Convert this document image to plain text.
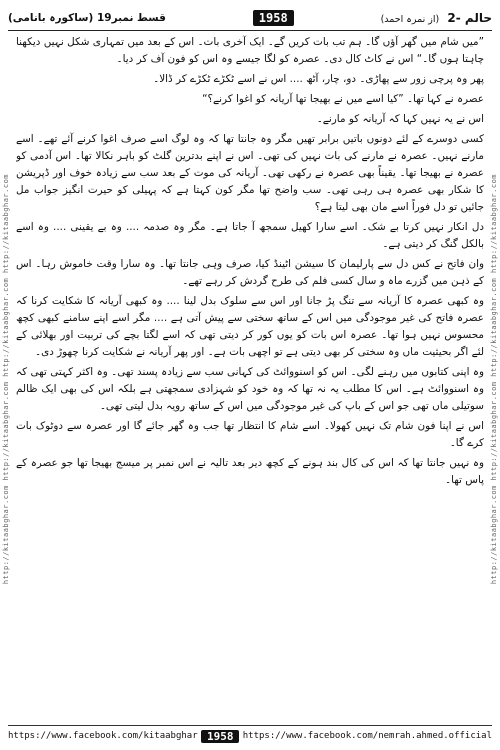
قسط نمبر19 (ساکورہ بانامی)	1958	حالم -2 (از نمرہ احمد)
http://kitaabghar.com http://kitaabghar.com http://kitaabghar.com http://kitaabghar.com	http://kitaabghar.com http://kitaabghar.com http://kitaabghar.com http://kitaabghar.com

”میں شام میں گھر آؤں گا۔ ہم تب بات کریں گے۔ ایک آخری بات۔ اس کے بعد میں تمہاری شکل نہیں دیکھنا چاہتا ہوں گا۔“ اس نے کاٹ کال دی۔ عصرہ کو لگا جیسے وہ اس کو فون آف کر دیا۔

پھر وہ پرچی زور سے پھاڑی۔ دو، چار، آٹھ .... اس نے اسے ٹکڑے ٹکڑے کر ڈالا۔

عصرہ نے کہا تھا۔ ”کیا اسے میں نے بھیجا تھا آریانہ کو اغوا کرنے؟“

اس نے یہ نہیں کہا کہ آریانہ کو مارنے۔

کسی دوسرے کے لئے دونوں باتیں برابر تھیں مگر وہ جانتا تھا کہ وہ لوگ اسے صرف اغوا کرنے آئے تھے۔ اسے مارنے نہیں۔ عصرہ نے مارنے کی بات نہیں کی تھی۔ اس نے اپنے بدترین گلٹ کو باہر نکالا تھا۔ اس آدمی کو عصرہ نے بھیجا تھا۔ یقیناً بھی عصرہ نے رکھی تھی۔ آریانہ کی موت کے بعد سب سے زیادہ خوف اور ڈپریشن کا شکار بھی عصرہ ہی رہی تھی۔ سب واضح تھا مگر کون کہتا ہے کہ پہیلی کو حیرت انگیز جواب مل جائیں تو دل فوراً اسے مان بھی لیتا ہے؟

دل انکار نہیں کرتا بے شک۔ اسے سارا کھیل سمجھ آ جاتا ہے۔ مگر وہ صدمہ .... وہ بے یقینی .... وہ اسے بالکل گنگ کر دیتی ہے۔

وان فاتح نے کس دل سے پارلیمان کا سیشن اٹینڈ کیا، صرف وہی جانتا تھا۔ وہ سارا وقت خاموش رہا۔ اس کے ذہن میں گزرے ماہ و سال کسی فلم کی طرح گردش کر رہے تھے۔

وہ کبھی عصرہ کا آریانہ سے تنگ پڑ جانا اور اس سے سلوک بدل لینا .... وہ کبھی آریانہ کا شکایت کرنا کہ عصرہ فاتح کی غیر موجودگی میں اس کے ساتھ سختی سے پیش آتی ہے .... مگر اسے اپنے سامنے کبھی کچھ محسوس نہیں ہوا تھا۔ عصرہ اس بات کو یوں کور کر دیتی تھی کہ اسے لگتا بچے کی تربیت اور بھلائی کے لئے اگر بحیثیت ماں وہ سختی کر بھی دیتی ہے تو اچھی بات ہے۔ اور پھر آریانہ نے شکایت کرنا چھوڑ دی۔

وہ اپنی کتابوں میں رہنے لگی۔ اس کو اسنووائٹ کی کہانی سب سے زیادہ پسند تھی۔ وہ اکثر کہتی تھی کہ وہ اسنووائٹ ہے۔ اس کا مطلب یہ نہ تھا کہ وہ خود کو شہزادی سمجھتی ہے بلکہ اس کی بھی ایک ظالم سوتیلی ماں تھی جو اس کے باپ کی غیر موجودگی میں اس کے ساتھ رویہ بدل لیتی تھی۔

اس نے اپنا فون شام تک نہیں کھولا۔ اسے شام کا انتظار تھا جب وہ گھر جائے گا اور عصرہ سے دوٹوک بات کرے گا۔

وہ نہیں جانتا تھا کہ اس کی کال بند ہونے کے کچھ دیر بعد تالیہ نے اس نمبر پر میسج بھیجا تھا جو عصرہ کے پاس تھا۔

https://www.facebook.com/kitaabghar 1958	https://www.facebook.com/nemrah.ahmed.official
